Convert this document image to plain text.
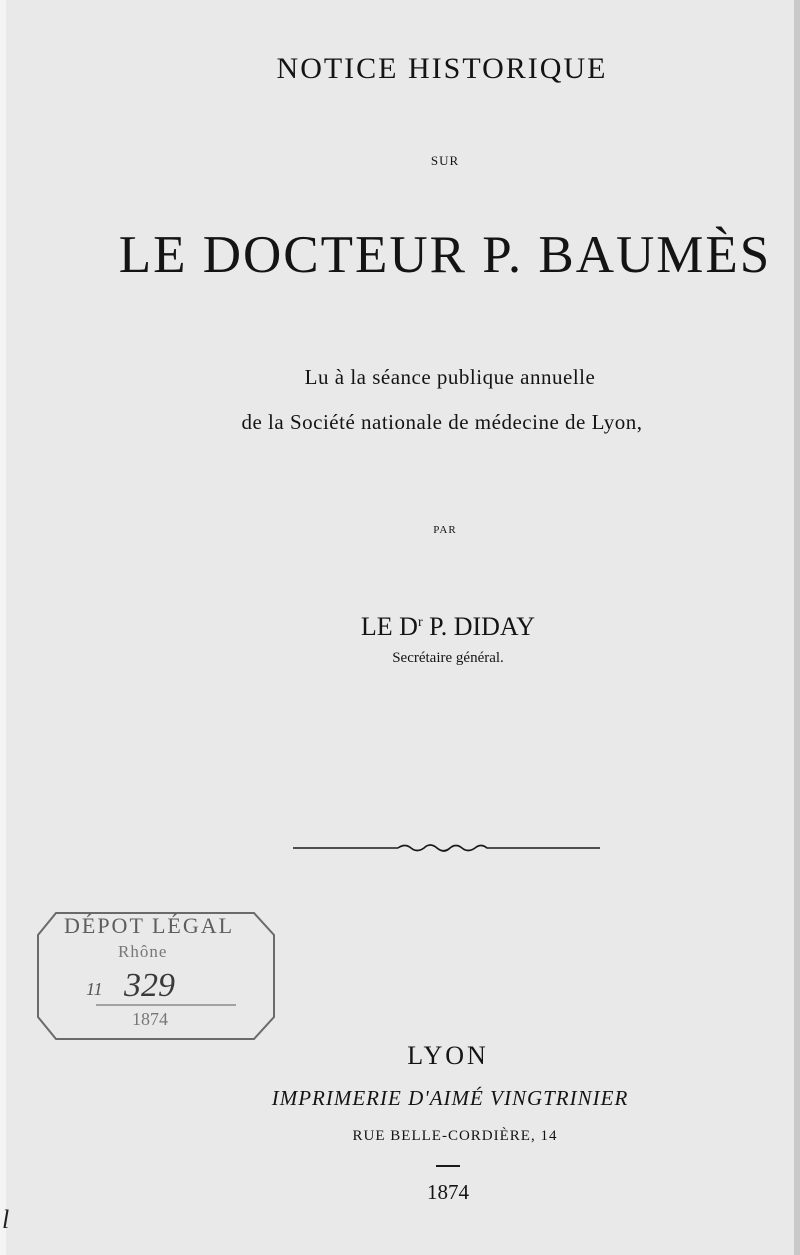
NOTICE HISTORIQUE
SUR
LE DOCTEUR P. BAUMÈS
Lu à la séance publique annuelle
de la Société nationale de médecine de Lyon,
PAR
LE $D^r$ P. DIDAY
Secrétaire général.
DÉPOT LÉGAL
Rhône
11 329
1874
LYON
IMPRIMERIE D'AIMÉ VINGTRINIER
RUE BELLE-CORDIÈRE, 14
1874
l
